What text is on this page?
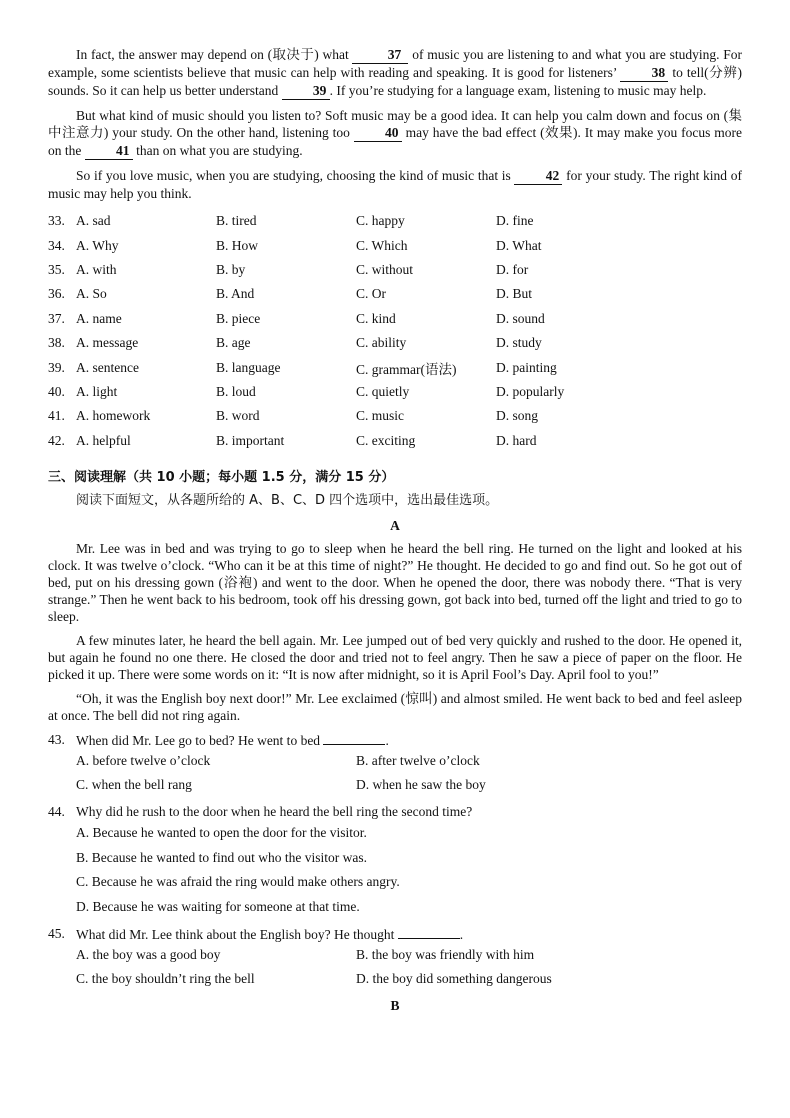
In fact, the answer may depend on (取决于) what	37 of music you are listening to and what you are studying. For example, some scientists believe that music can help with reading and speaking. It is good for listeners’ 38 to tell(分辨) sounds. So it can help us better understand 39 . If you’re studying for a language exam, listening to music may help.

But what kind of music should you listen to? Soft music may be a good idea. It can help you calm down and focus on (集中注意力) your study. On the other hand, listening too 40 may have the bad effect (效果). It may make you focus more on the 41 than on what you are studying.

So if you love music, when you are studying, choosing the kind of music that is 42 for your study. The right kind of music may help you think.

33. A. sad	B. tired	C. happy	D. fine
34. A. Why	B. How	C. Which	D. What
35. A. with	B. by	C. without	D. for
36. A. So	B. And	C. Or	D. But
37. A. name	B. piece	C. kind	D. sound
38. A. message	B. age	C. ability	D. study
39. A. sentence	B. language	C. grammar(语法)	D. painting
40. A. light	B. loud	C. quietly	D. popularly
41. A. homework	B. word	C. music	D. song
42. A. helpful	B. important	C. exciting	D. hard

三、阅读理解（共 10 小题；每小题 1.5 分，满分 15 分）

阅读下面短文，从各题所给的 A、B、C、D 四个选项中，选出最佳选项。

A

Mr. Lee was in bed and was trying to go to sleep when he heard the bell ring. He turned on the light and looked at his clock. It was twelve o’clock. “Who can it be at this time of night?” He thought. He decided to go and find out. So he got out of bed, put on his dressing gown (浴袍) and went to the door. When he opened the door, there was nobody there. “That is very strange.” Then he went back to his bedroom, took off his dressing gown, got back into bed, turned off the light and tried to go to sleep.

A few minutes later, he heard the bell again. Mr. Lee jumped out of bed very quickly and rushed to the door. He opened it, but again he found no one there. He closed the door and tried not to feel angry. Then he saw a piece of paper on the floor. He picked it up. There were some words on it: “It is now after midnight, so it is April Fool’s Day. April fool to you!”

“Oh, it was the English boy next door!” Mr. Lee exclaimed (惊叫) and almost smiled. He went back to bed and feel asleep at once. The bell did not ring again.

43. When did Mr. Lee go to bed? He went to bed	.
A. before twelve o’clock	B. after twelve o’clock
C. when the bell rang	D. when he saw the boy
44. Why did he rush to the door when he heard the bell ring the second time?
A. Because he wanted to open the door for the visitor.
B. Because he wanted to find out who the visitor was.
C. Because he was afraid the ring would make others angry.
D. Because he was waiting for someone at that time.
45. What did Mr. Lee think about the English boy? He thought	.
A. the boy was a good boy	B. the boy was friendly with him
C. the boy shouldn’t ring the bell	D. the boy did something dangerous

B
